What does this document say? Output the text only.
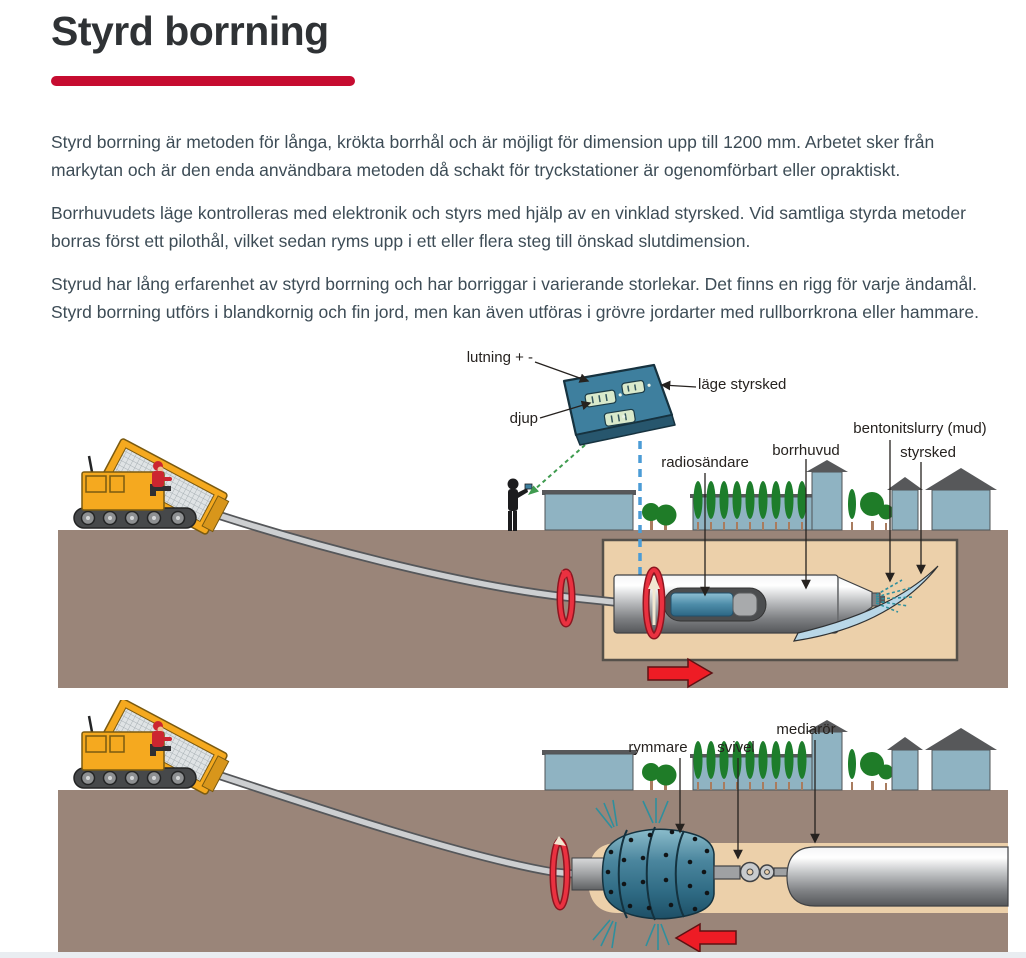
Styrd borrning

Styrd borrning är metoden för långa, krökta borrhål och är möjligt för dimension upp till 1200 mm. Arbetet sker från markytan och är den enda användbara metoden då schakt för tryckstationer är ogenomförbart eller opraktiskt.

Borrhuvudets läge kontrolleras med elektronik och styrs med hjälp av en vinklad styrsked. Vid samtliga styrda metoder borras först ett pilothål, vilket sedan ryms upp i ett eller flera steg till önskad slutdimension.

Styrud har lång erfarenhet av styrd borrning och har borriggar i varierande storlekar. Det finns en rigg för varje ändamål. Styrd borrning utförs i blandkornig och fin jord, men kan även utföras i grövre jordarter med rullborrkrona eller hammare.

lutning + -
läge styrsked
djup
radiosändare
borrhuvud
bentonitslurry (mud)
styrsked
rymmare	svivel
mediarör
